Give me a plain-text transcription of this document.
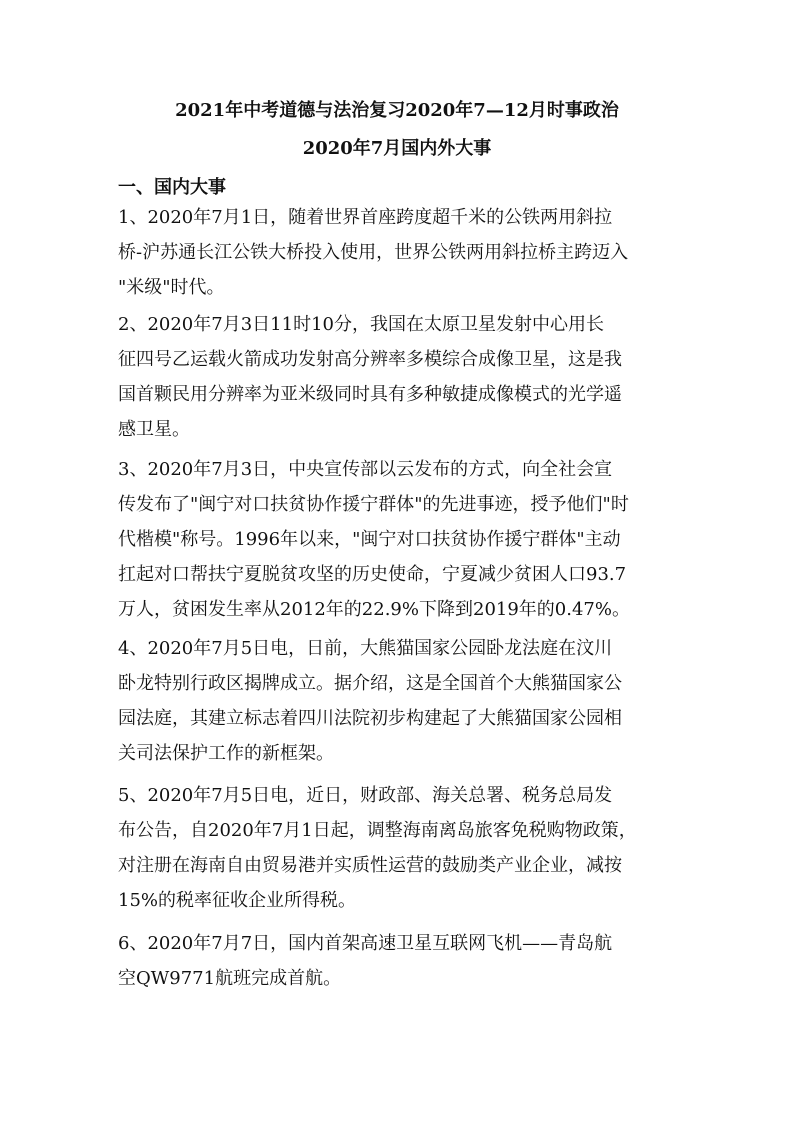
2021年中考道德与法治复习2020年7—12月时事政治
2020年7月国内外大事
一、国内大事
1、2020年7月1日，随着世界首座跨度超千米的公铁两用斜拉
桥-沪苏通长江公铁大桥投入使用，世界公铁两用斜拉桥主跨迈入
"米级"时代。
2、2020年7月3日11时10分，我国在太原卫星发射中心用长
征四号乙运载火箭成功发射高分辨率多模综合成像卫星，这是我
国首颗民用分辨率为亚米级同时具有多种敏捷成像模式的光学遥
感卫星。
3、2020年7月3日，中央宣传部以云发布的方式，向全社会宣
传发布了"闽宁对口扶贫协作援宁群体"的先进事迹，授予他们"时
代楷模"称号。1996年以来，"闽宁对口扶贫协作援宁群体"主动
扛起对口帮扶宁夏脱贫攻坚的历史使命，宁夏减少贫困人口93.7
万人，贫困发生率从2012年的22.9%下降到2019年的0.47%。
4、2020年7月5日电，日前，大熊猫国家公园卧龙法庭在汶川
卧龙特别行政区揭牌成立。据介绍，这是全国首个大熊猫国家公
园法庭，其建立标志着四川法院初步构建起了大熊猫国家公园相
关司法保护工作的新框架。
5、2020年7月5日电，近日，财政部、海关总署、税务总局发
布公告，自2020年7月1日起，调整海南离岛旅客免税购物政策，
对注册在海南自由贸易港并实质性运营的鼓励类产业企业，减按
15%的税率征收企业所得税。
6、2020年7月7日，国内首架高速卫星互联网飞机——青岛航
空QW9771航班完成首航。
